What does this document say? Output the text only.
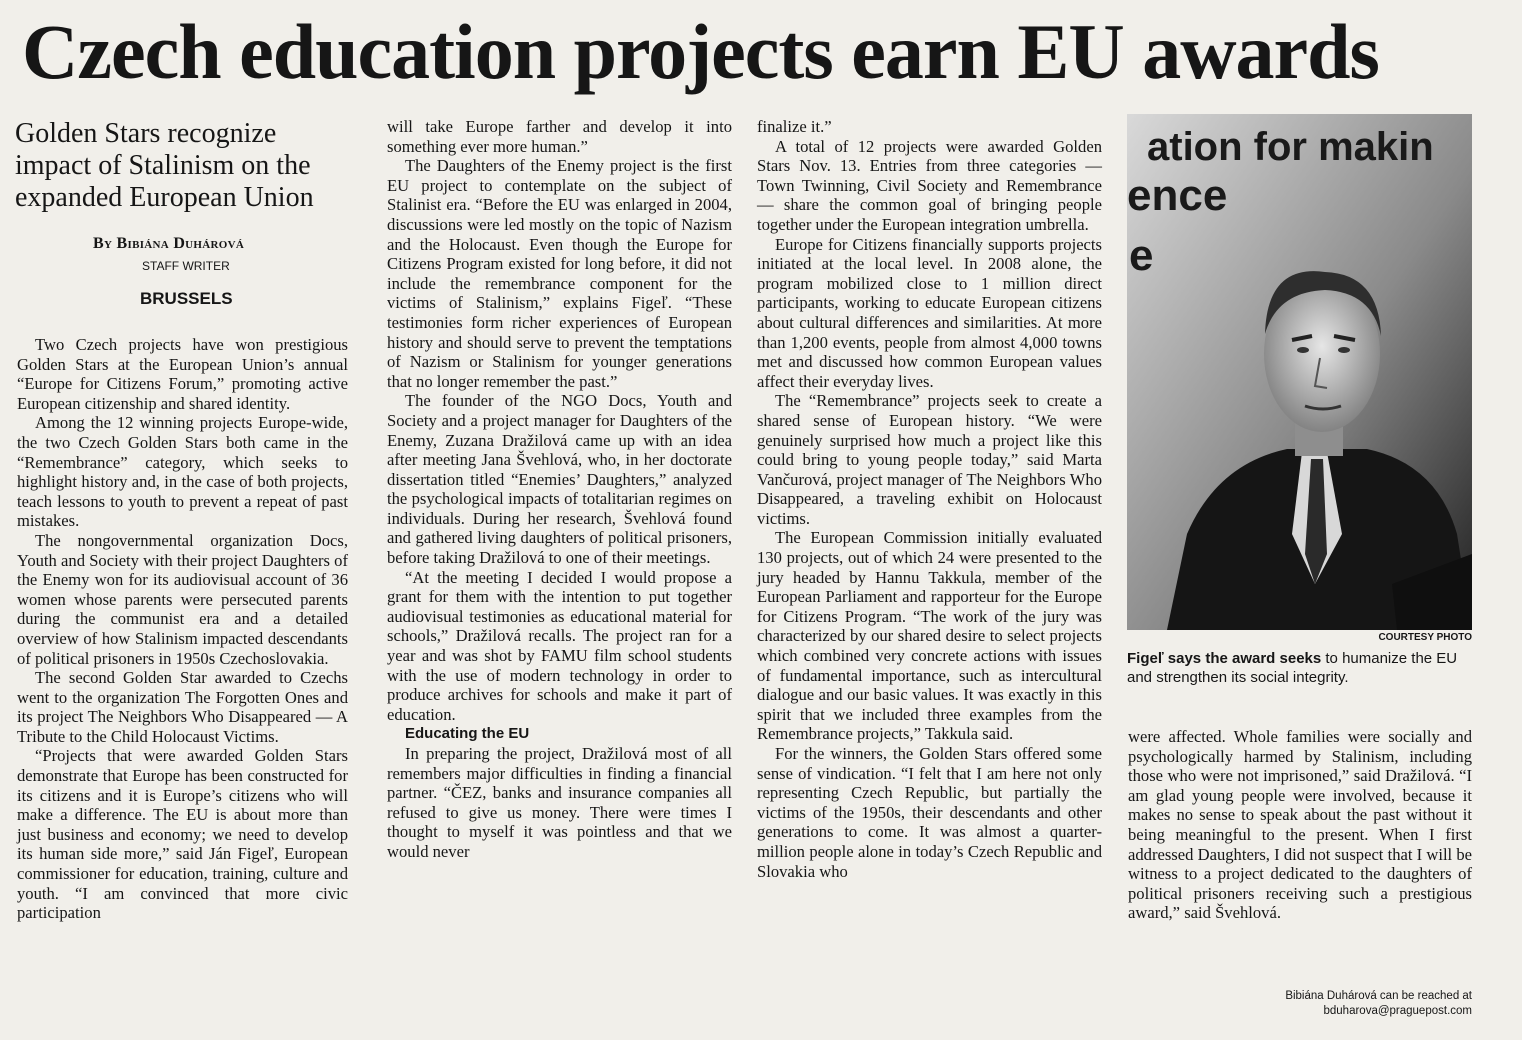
Czech education projects earn EU awards
Golden Stars recognize impact of Stalinism on the expanded European Union
By Bibiána Duhárová
STAFF WRITER
BRUSSELS

Two Czech projects have won prestigious Golden Stars at the European Union’s annual “Europe for Citizens Forum,” promoting active European citizenship and shared identity.

Among the 12 winning projects Europe-wide, the two Czech Golden Stars both came in the “Remembrance” category, which seeks to highlight history and, in the case of both projects, teach lessons to youth to prevent a repeat of past mistakes.

The nongovernmental organization Docs, Youth and Society with their project Daughters of the Enemy won for its audiovisual account of 36 women whose parents were persecuted parents during the communist era and a detailed overview of how Stalinism impacted descendants of political prisoners in 1950s Czechoslovakia.

The second Golden Star awarded to Czechs went to the organization The Forgotten Ones and its project The Neighbors Who Disappeared — A Tribute to the Child Holocaust Victims.

“Projects that were awarded Golden Stars demonstrate that Europe has been constructed for its citizens and it is Europe’s citizens who will make a difference. The EU is about more than just business and economy; we need to develop its human side more,” said Ján Figeľ, European commissioner for education, training, culture and youth. “I am convinced that more civic participation

will take Europe farther and develop it into something ever more human.”

The Daughters of the Enemy project is the first EU project to contemplate on the subject of Stalinist era. “Before the EU was enlarged in 2004, discussions were led mostly on the topic of Nazism and the Holocaust. Even though the Europe for Citizens Program existed for long before, it did not include the remembrance component for the victims of Stalinism,” explains Figeľ. “These testimonies form richer experiences of European history and should serve to prevent the temptations of Nazism or Stalinism for younger generations that no longer remember the past.”

The founder of the NGO Docs, Youth and Society and a project manager for Daughters of the Enemy, Zuzana Dražilová came up with an idea after meeting Jana Švehlová, who, in her doctorate dissertation titled “Enemies’ Daughters,” analyzed the psychological impacts of totalitarian regimes on individuals. During her research, Švehlová found and gathered living daughters of political prisoners, before taking Dražilová to one of their meetings.

“At the meeting I decided I would propose a grant for them with the intention to put together audiovisual testimonies as educational material for schools,” Dražilová recalls. The project ran for a year and was shot by FAMU film school students with the use of modern technology in order to produce archives for schools and make it part of education.

Educating the EU

In preparing the project, Dražilová most of all remembers major difficulties in finding a financial partner. “ČEZ, banks and insurance companies all refused to give us money. There were times I thought to myself it was pointless and that we would never

finalize it.”

A total of 12 projects were awarded Golden Stars Nov. 13. Entries from three categories — Town Twinning, Civil Society and Remembrance — share the common goal of bringing people together under the European integration umbrella.

Europe for Citizens financially supports projects initiated at the local level. In 2008 alone, the program mobilized close to 1 million direct participants, working to educate European citizens about cultural differences and similarities. At more than 1,200 events, people from almost 4,000 towns met and discussed how common European values affect their everyday lives.

The “Remembrance” projects seek to create a shared sense of European history. “We were genuinely surprised how much a project like this could bring to young people today,” said Marta Vančurová, project manager of The Neighbors Who Disappeared, a traveling exhibit on Holocaust victims.

The European Commission initially evaluated 130 projects, out of which 24 were presented to the jury headed by Hannu Takkula, member of the European Parliament and rapporteur for the Europe for Citizens Program. “The work of the jury was characterized by our shared desire to select projects which combined very concrete actions with issues of fundamental importance, such as intercultural dialogue and our basic values. It was exactly in this spirit that we included three examples from the Remembrance projects,” Takkula said.

For the winners, the Golden Stars offered some sense of vindication. “I felt that I am here not only representing Czech Republic, but partially the victims of the 1950s, their descendants and other generations to come. It was almost a quarter-million people alone in today’s Czech Republic and Slovakia who

ation for makin
ence
e
COURTESY PHOTO
Figeľ says the award seeks to humanize the EU and strengthen its social integrity.

were affected. Whole families were socially and psychologically harmed by Stalinism, including those who were not imprisoned,” said Dražilová. “I am glad young people were involved, because it makes no sense to speak about the past without it being meaningful to the present. When I first addressed Daughters, I did not suspect that I will be witness to a project dedicated to the daughters of political prisoners receiving such a prestigious award,” said Švehlová.

Bibiána Duhárová can be reached at
bduharova@praguepost.com
